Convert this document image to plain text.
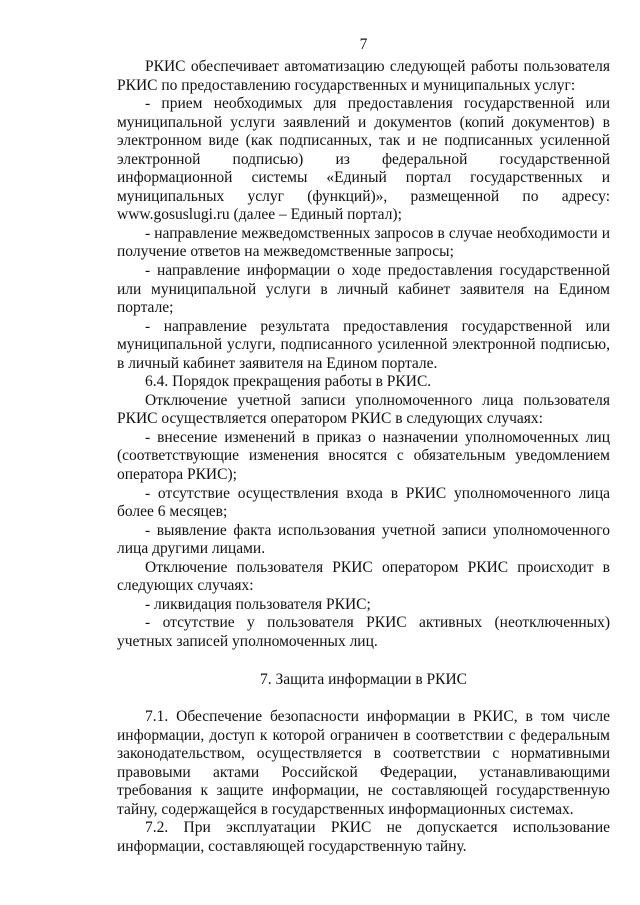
7

РКИС обеспечивает автоматизацию следующей работы пользователя РКИС по предоставлению государственных и муниципальных услуг:

- прием необходимых для предоставления государственной или муниципальной услуги заявлений и документов (копий документов) в электронном виде (как подписанных, так и не подписанных усиленной электронной подписью) из федеральной государственной информационной системы «Единый портал государственных и муниципальных услуг (функций)», размещенной по адресу: www.gosuslugi.ru (далее – Единый портал);

- направление межведомственных запросов в случае необходимости и получение ответов на межведомственные запросы;

- направление информации о ходе предоставления государственной или муниципальной услуги в личный кабинет заявителя на Едином портале;

- направление результата предоставления государственной или муниципальной услуги, подписанного усиленной электронной подписью, в личный кабинет заявителя на Едином портале.

6.4. Порядок прекращения работы в РКИС.

Отключение учетной записи уполномоченного лица пользователя РКИС осуществляется оператором РКИС в следующих случаях:

- внесение изменений в приказ о назначении уполномоченных лиц (соответствующие изменения вносятся с обязательным уведомлением оператора РКИС);

- отсутствие осуществления входа в РКИС уполномоченного лица более 6 месяцев;

- выявление факта использования учетной записи уполномоченного лица другими лицами.

Отключение пользователя РКИС оператором РКИС происходит в следующих случаях:

- ликвидация пользователя РКИС;

- отсутствие у пользователя РКИС активных (неотключенных) учетных записей уполномоченных лиц.

7. Защита информации в РКИС

7.1. Обеспечение безопасности информации в РКИС, в том числе информации, доступ к которой ограничен в соответствии с федеральным законодательством, осуществляется в соответствии с нормативными правовыми актами Российской Федерации, устанавливающими требования к защите информации, не составляющей государственную тайну, содержащейся в государственных информационных системах.

7.2. При эксплуатации РКИС не допускается использование информации, составляющей государственную тайну.
